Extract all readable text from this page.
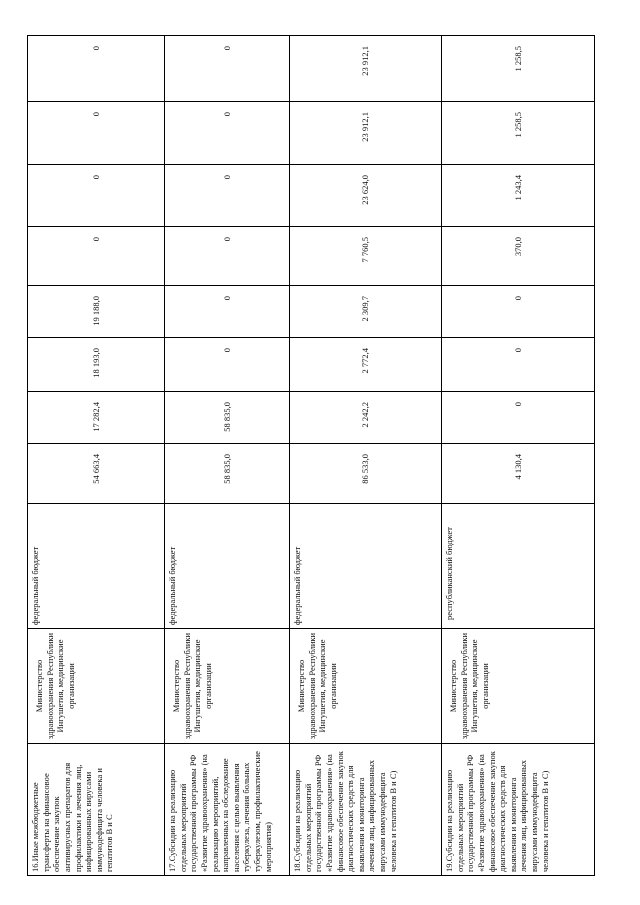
16.Иные межбюджетные трансферты на финансовое обеспечение закупок антивирусных препаратов для профилактики и лечения лиц, инфицированных вирусами иммунодефицита человека и гепатитов В и С	Министерство здравоохранения Республики Ингушетия, медицинские организации	федеральный бюджет	54 663,4	17 282,4	18 193,0	19 188,0	0	0	0	0
17.Субсидии на реализацию отдельных мероприятий государственной программы РФ «Развитие здравоохранения» (на реализацию мероприятий, направленных на обследование населения с целью выявления туберкулеза, лечения больных туберкулезом, профилактические мероприятия)	Министерство здравоохранения Республики Ингушетия, медицинские организации	федеральный бюджет	58 835,0	58 835,0	0	0	0	0	0	0
18.Субсидии на реализацию отдельных мероприятий государственной программы РФ «Развитие здравоохранения» (на финансовое обеспечение закупок диагностических средств для выявления и мониторинга лечения лиц, инфицированных вирусами иммунодефицита человека и гепатитов В и С)	Министерство здравоохранения Республики Ингушетия, медицинские организации	федеральный бюджет	86 533,0	2 242,2	2 772,4	2 309,7	7 760,5	23 624,0	23 912,1	23 912,1
19.Субсидии на реализацию отдельных мероприятий государственной программы РФ «Развитие здравоохранения» (на финансовое обеспечение закупок диагностических средств для выявления и мониторинга лечения лиц, инфицированных вирусами иммунодефицита человека и гепатитов В и С)	Министерство здравоохранения Республики Ингушетия, медицинские организации	республиканский бюджет	4 130,4	0	0	0	370,0	1 243,4	1 258,5	1 258,5
